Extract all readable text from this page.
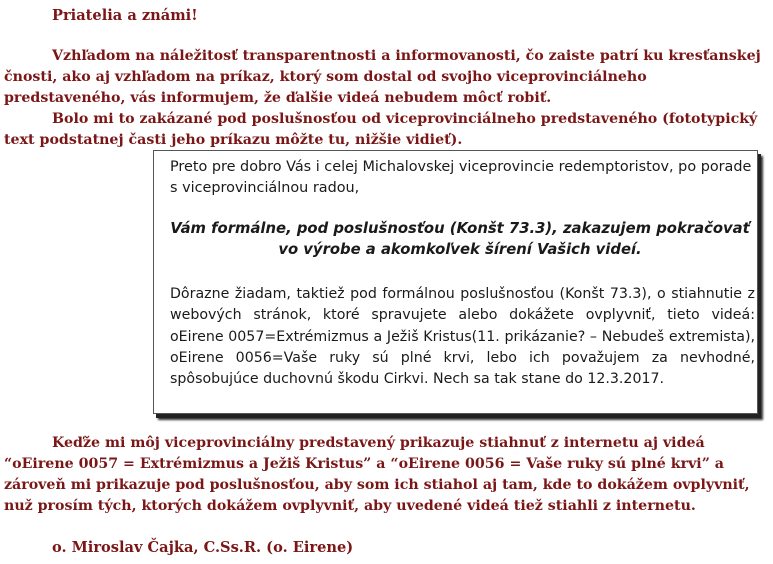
Priatelia a známi!

Vzhľadom na náležitosť transparentnosti a informovanosti, čo zaiste patrí ku kresťanskej čnosti, ako aj vzhľadom na príkaz, ktorý som dostal od svojho viceprovinciálneho predstaveného, vás informujem, že ďalšie videá nebudem môcť robiť.

Bolo mi to zakázané pod poslušnosťou od viceprovinciálneho predstaveného (fototypický text podstatnej časti jeho príkazu môžte tu, nižšie vidieť).

Preto pre dobro Vás i celej Michalovskej viceprovincie redemptoristov, po porade s viceprovinciálnou radou,

Vám formálne, pod poslušnosťou (Konšt 73.3), zakazujem pokračovať vo výrobe a akomkoľvek šírení Vašich videí.

Dôrazne žiadam, taktiež pod formálnou poslušnosťou (Konšt 73.3), o stiahnutie z webových stránok, ktoré spravujete alebo dokážete ovplyvniť, tieto videá: oEirene 0057=Extrémizmus a Ježiš Kristus(11. prikázanie? – Nebudeš extremista), oEirene 0056=Vaše ruky sú plné krvi, lebo ich považujem za nevhodné, spôsobujúce duchovnú škodu Cirkvi. Nech sa tak stane do 12.3.2017.

Keďže mi môj viceprovinciálny predstavený prikazuje stiahnuť z internetu aj videá “oEirene 0057 = Extrémizmus a Ježiš Kristus” a “oEirene 0056 = Vaše ruky sú plné krvi” a zároveň mi prikazuje pod poslušnosťou, aby som ich stiahol aj tam, kde to dokážem ovplyvniť, nuž prosím tých, ktorých dokážem ovplyvniť, aby uvedené videá tiež stiahli z internetu.

o. Miroslav Čajka, C.Ss.R. (o. Eirene)
